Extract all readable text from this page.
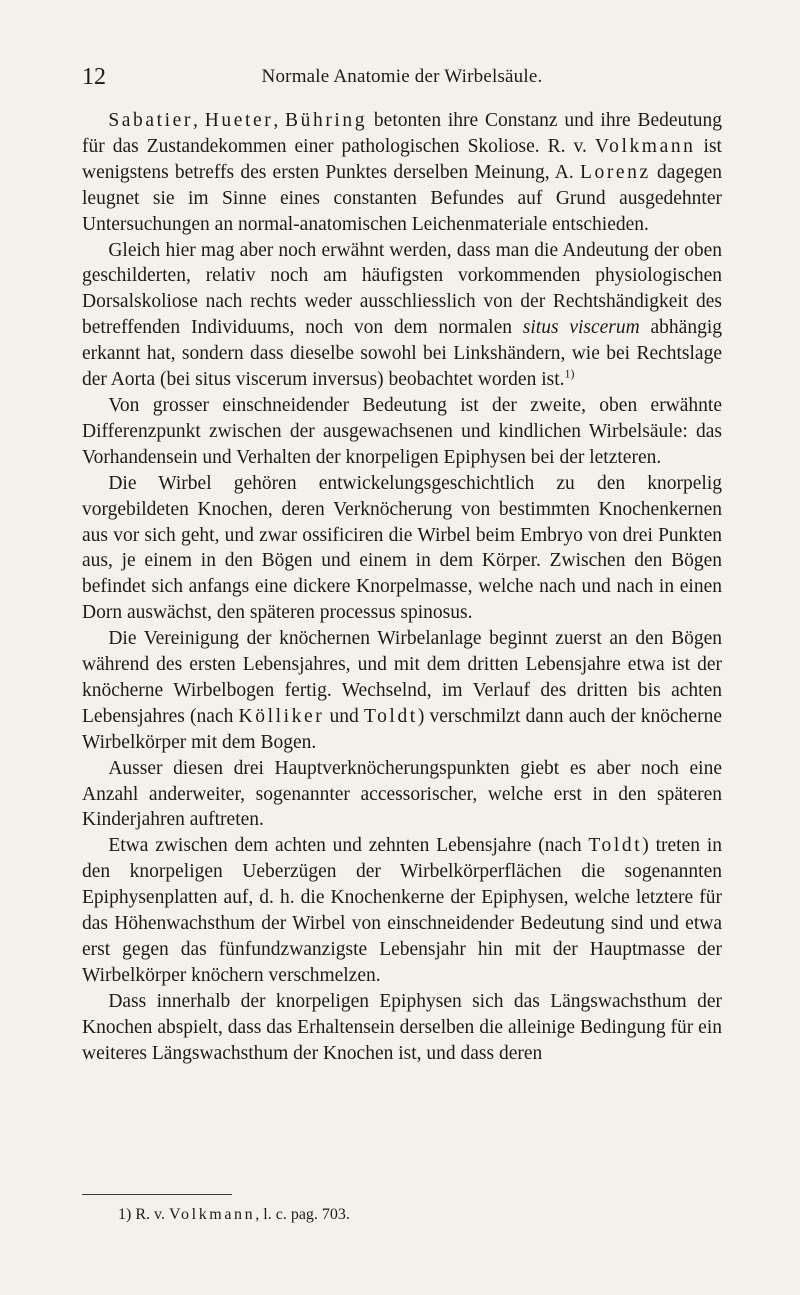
12	Normale Anatomie der Wirbelsäule.

Sabatier, Hueter, Bühring betonten ihre Constanz und ihre Bedeutung für das Zustandekommen einer pathologischen Skoliose. R. v. Volkmann ist wenigstens betreffs des ersten Punktes derselben Meinung, A. Lorenz dagegen leugnet sie im Sinne eines constanten Befundes auf Grund ausgedehnter Untersuchungen an normal-anatomischen Leichenmateriale entschieden.

Gleich hier mag aber noch erwähnt werden, dass man die Andeutung der oben geschilderten, relativ noch am häufigsten vorkommenden physiologischen Dorsalskoliose nach rechts weder ausschliesslich von der Rechtshändigkeit des betreffenden Individuums, noch von dem normalen situs viscerum abhängig erkannt hat, sondern dass dieselbe sowohl bei Linkshändern, wie bei Rechtslage der Aorta (bei situs viscerum inversus) beobachtet worden ist.$^{1)}$

Von grosser einschneidender Bedeutung ist der zweite, oben erwähnte Differenzpunkt zwischen der ausgewachsenen und kindlichen Wirbelsäule: das Vorhandensein und Verhalten der knorpeligen Epiphysen bei der letzteren.

Die Wirbel gehören entwickelungsgeschichtlich zu den knorpelig vorgebildeten Knochen, deren Verknöcherung von bestimmten Knochenkernen aus vor sich geht, und zwar ossificiren die Wirbel beim Embryo von drei Punkten aus, je einem in den Bögen und einem in dem Körper. Zwischen den Bögen befindet sich anfangs eine dickere Knorpelmasse, welche nach und nach in einen Dorn auswächst, den späteren processus spinosus.

Die Vereinigung der knöchernen Wirbelanlage beginnt zuerst an den Bögen während des ersten Lebensjahres, und mit dem dritten Lebensjahre etwa ist der knöcherne Wirbelbogen fertig. Wechselnd, im Verlauf des dritten bis achten Lebensjahres (nach Kölliker und Toldt) verschmilzt dann auch der knöcherne Wirbelkörper mit dem Bogen.

Ausser diesen drei Hauptverknöcherungspunkten giebt es aber noch eine Anzahl anderweiter, sogenannter accessorischer, welche erst in den späteren Kinderjahren auftreten.

Etwa zwischen dem achten und zehnten Lebensjahre (nach Toldt) treten in den knorpeligen Ueberzügen der Wirbelkörperflächen die sogenannten Epiphysenplatten auf, d. h. die Knochenkerne der Epiphysen, welche letztere für das Höhenwachsthum der Wirbel von einschneidender Bedeutung sind und etwa erst gegen das fünfundzwanzigste Lebensjahr hin mit der Hauptmasse der Wirbelkörper knöchern verschmelzen.

Dass innerhalb der knorpeligen Epiphysen sich das Längswachsthum der Knochen abspielt, dass das Erhaltensein derselben die alleinige Bedingung für ein weiteres Längswachsthum der Knochen ist, und dass deren

1) R. v. Volkmann, l. c. pag. 703.
